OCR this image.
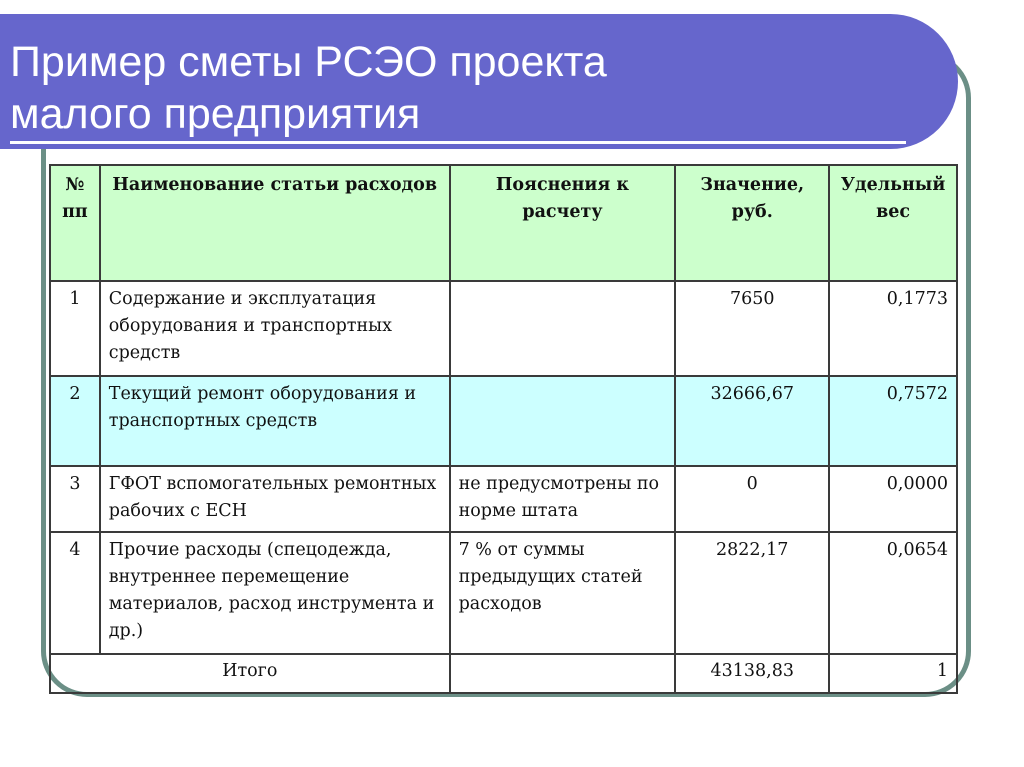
Пример сметы РСЭО проекта
малого предприятия
№ пп	Наименование статьи расходов	Пояснения к расчету	Значение, руб.	Удельный вес
1	Содержание и эксплуатация оборудования и транспортных средств		7650	0,1773
2	Текущий ремонт оборудования и транспортных средств		32666,67	0,7572
3	ГФОТ вспомогательных ремонтных рабочих с ЕСН	не предусмотрены по норме штата	0	0,0000
4	Прочие расходы (спецодежда, внутреннее перемещение материалов, расход инструмента и др.)	7 % от суммы предыдущих статей расходов	2822,17	0,0654
Итого			43138,83	1
